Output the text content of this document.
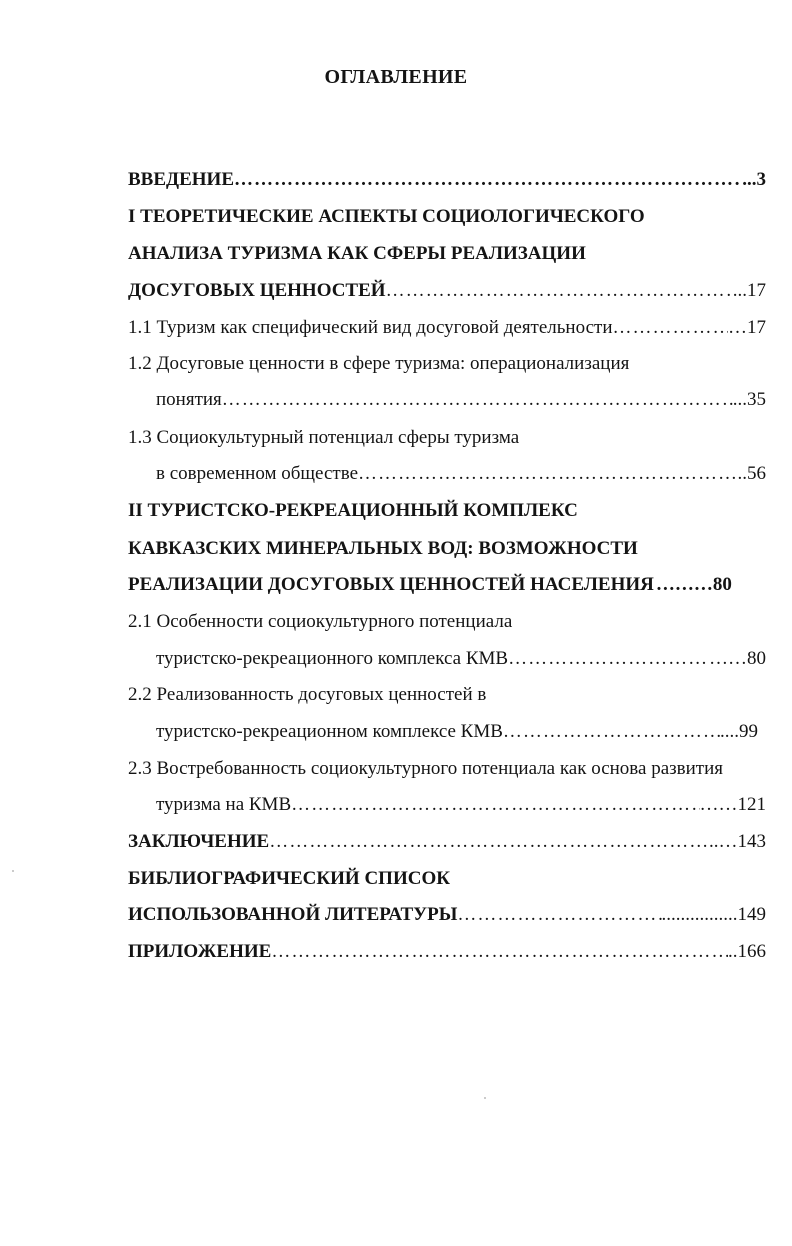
ОГЛАВЛЕНИЕ
ВВЕДЕНИЕ ………………………………………………………………………………………………………………………………………………………………	...3
I ТЕОРЕТИЧЕСКИЕ АСПЕКТЫ СОЦИОЛОГИЧЕСКОГО
АНАЛИЗА ТУРИЗМА КАК СФЕРЫ РЕАЛИЗАЦИИ
ДОСУГОВЫХ ЦЕННОСТЕЙ ………………………………………………………………………………………………………………………………………………………………	...17
1.1 Туризм как специфический вид досуговой деятельности ………………………………………………………………………………………………………………………………………………………………	…17
1.2 Досуговые ценности в сфере туризма: операционализация
понятия ………………………………………………………………………………………………………………………………………………………………	...35
1.3 Социокультурный потенциал сферы туризма
в современном обществе ………………………………………………………………………………………………………………………………………………………………	..56
II ТУРИСТСКО-РЕКРЕАЦИОННЫЙ КОМПЛЕКС
КАВКАЗСКИХ МИНЕРАЛЬНЫХ ВОД: ВОЗМОЖНОСТИ
РЕАЛИЗАЦИИ ДОСУГОВЫХ ЦЕННОСТЕЙ НАСЕЛЕНИЯ ………80
2.1 Особенности социокультурного потенциала
туристско-рекреационного комплекса КМВ ………………………………………………………………………………………………………………………………………………………………	……80
2.2 Реализованность досуговых ценностей в
туристско-рекреационном комплексе КМВ ………………………………………………………………………………………………………………………………………………………………	....99
2.3 Востребованность социокультурного потенциала как основа развития
туризма на КМВ ………………………………………………………………………………………………………………………………………………………………	……121
ЗАКЛЮЧЕНИЕ ………………………………………………………………………………………………………………………………………………………………	..…143
БИБЛИОГРАФИЧЕСКИЙ СПИСОК
ИСПОЛЬЗОВАННОЙ ЛИТЕРАТУРЫ ………………………………………………………………………………………………………………………………………………………………	................149
ПРИЛОЖЕНИЕ ………………………………………………………………………………………………………………………………………………………………	..166
